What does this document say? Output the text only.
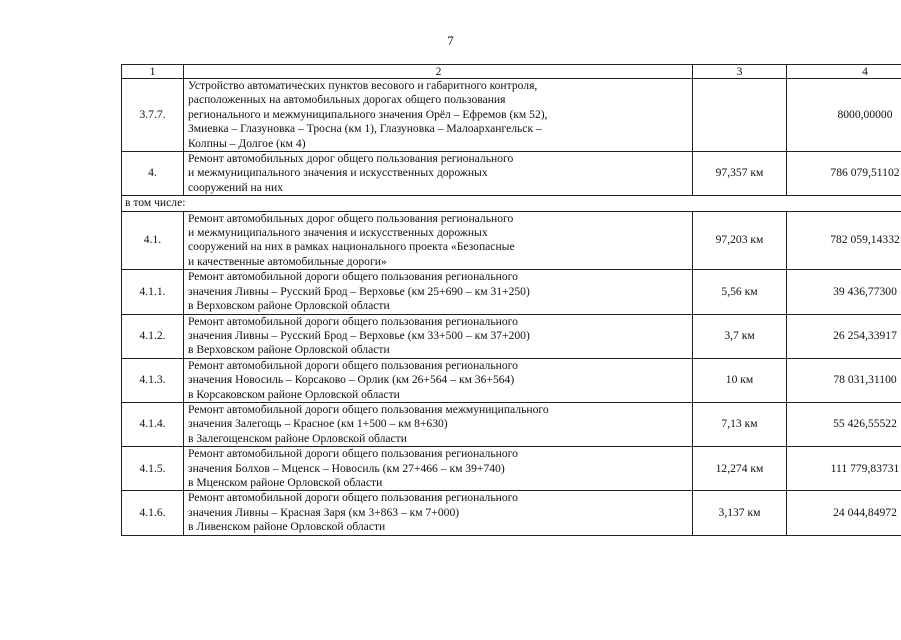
7
1	2	3	4
3.7.7.	Устройство автоматических пунктов весового и габаритного контроля,
расположенных на автомобильных дорогах общего пользования
регионального и межмуниципального значения Орёл – Ефремов (км 52),
Змиевка – Глазуновка – Тросна (км 1), Глазуновка – Малоархангельск –
Колпны – Долгое (км 4)		8000,00000
4.	Ремонт автомобильных дорог общего пользования регионального
и межмуниципального значения и искусственных дорожных
сооружений на них	97,357 км	786 079,51102
в том числе:			
4.1.	Ремонт автомобильных дорог общего пользования регионального
и межмуниципального значения и искусственных дорожных
сооружений на них в рамках национального проекта «Безопасные
и качественные автомобильные дороги»	97,203 км	782 059,14332
4.1.1.	Ремонт автомобильной дороги общего пользования регионального
значения Ливны – Русский Брод – Верховье (км 25+690 – км 31+250)
в Верховском районе Орловской области	5,56 км	39 436,77300
4.1.2.	Ремонт автомобильной дороги общего пользования регионального
значения Ливны – Русский Брод – Верховье (км 33+500 – км 37+200)
в Верховском районе Орловской области	3,7 км	26 254,33917
4.1.3.	Ремонт автомобильной дороги общего пользования регионального
значения Новосиль – Корсаково – Орлик (км 26+564 – км 36+564)
в Корсаковском районе Орловской области	10 км	78 031,31100
4.1.4.	Ремонт автомобильной дороги общего пользования межмуниципального
значения Залегощь – Красное (км 1+500 – км 8+630)
в Залегощенском районе Орловской области	7,13 км	55 426,55522
4.1.5.	Ремонт автомобильной дороги общего пользования регионального
значения Болхов – Мценск – Новосиль (км 27+466 – км 39+740)
в Мценском районе Орловской области	12,274 км	111 779,83731
4.1.6.	Ремонт автомобильной дороги общего пользования регионального
значения Ливны – Красная Заря (км 3+863 – км 7+000)
в Ливенском районе Орловской области	3,137 км	24 044,84972
